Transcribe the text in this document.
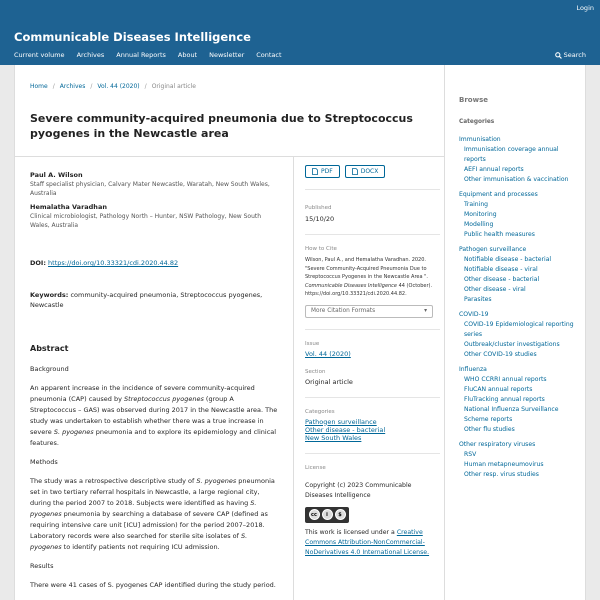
Login
Communicable Diseases Intelligence
Current volume Archives Annual Reports About Newsletter Contact	Search
Home / Archives / Vol. 44 (2020) / Original article
Severe community-acquired pneumonia due to Streptococcus pyogenes in the Newcastle area
Paul A. Wilson
Staff specialist physician, Calvary Mater Newcastle, Waratah, New South Wales, Australia
Hemalatha Varadhan
Clinical microbiologist, Pathology North – Hunter, NSW Pathology, New South Wales, Australia
DOI: https://doi.org/10.33321/cdi.2020.44.82
Keywords: community-acquired pneumonia, Streptococcus pyogenes, Newcastle
Abstract

Background

An apparent increase in the incidence of severe community-acquired pneumonia (CAP) caused by Streptococcus pyogenes (group A Streptococcus – GAS) was observed during 2017 in the Newcastle area. The study was undertaken to establish whether there was a true increase in severe S. pyogenes pneumonia and to explore its epidemiology and clinical features.

Methods

The study was a retrospective descriptive study of S. pyogenes pneumonia set in two tertiary referral hospitals in Newcastle, a large regional city, during the period 2007 to 2018. Subjects were identified as having S. pyogenes pneumonia by searching a database of severe CAP (defined as requiring intensive care unit [ICU] admission) for the period 2007–2018. Laboratory records were also searched for sterile site isolates of S. pyogenes to identify patients not requiring ICU admission.

Results

There were 41 cases of S. pyogenes CAP identified during the study period.

PDF	DOCX
Published
15/10/20
How to Cite
Wilson, Paul A., and Hemalatha Varadhan. 2020. "Severe Community-Acquired Pneumonia Due to Streptococcus Pyogenes in the Newcastle Area ". Communicable Diseases Intelligence 44 (October). https://doi.org/10.33321/cdi.2020.44.82.
More Citation Formats	▾
Issue
Vol. 44 (2020)
Section
Original article
Categories
Pathogen surveillance
Other disease - bacterial
New South Wales
License
Copyright (c) 2023 Communicable Diseases Intelligence
cc	i	$
This work is licensed under a Creative Commons Attribution-NonCommercial-NoDerivatives 4.0 International License.
Browse
Categories
Immunisation
Immunisation coverage annual reports
AEFI annual reports
Other immunisation & vaccination
Equipment and processes
Training
Monitoring
Modelling
Public health measures
Pathogen surveillance
Notifiable disease - bacterial
Notifiable disease - viral
Other disease - bacterial
Other disease - viral
Parasites
COVID-19
COVID-19 Epidemiological reporting series
Outbreak/cluster investigations
Other COVID-19 studies
Influenza
WHO CCRRI annual reports
FluCAN annual reports
FluTracking annual reports
National Influenza Surveillance Scheme reports
Other flu studies
Other respiratory viruses
RSV
Human metapneumovirus
Other resp. virus studies
